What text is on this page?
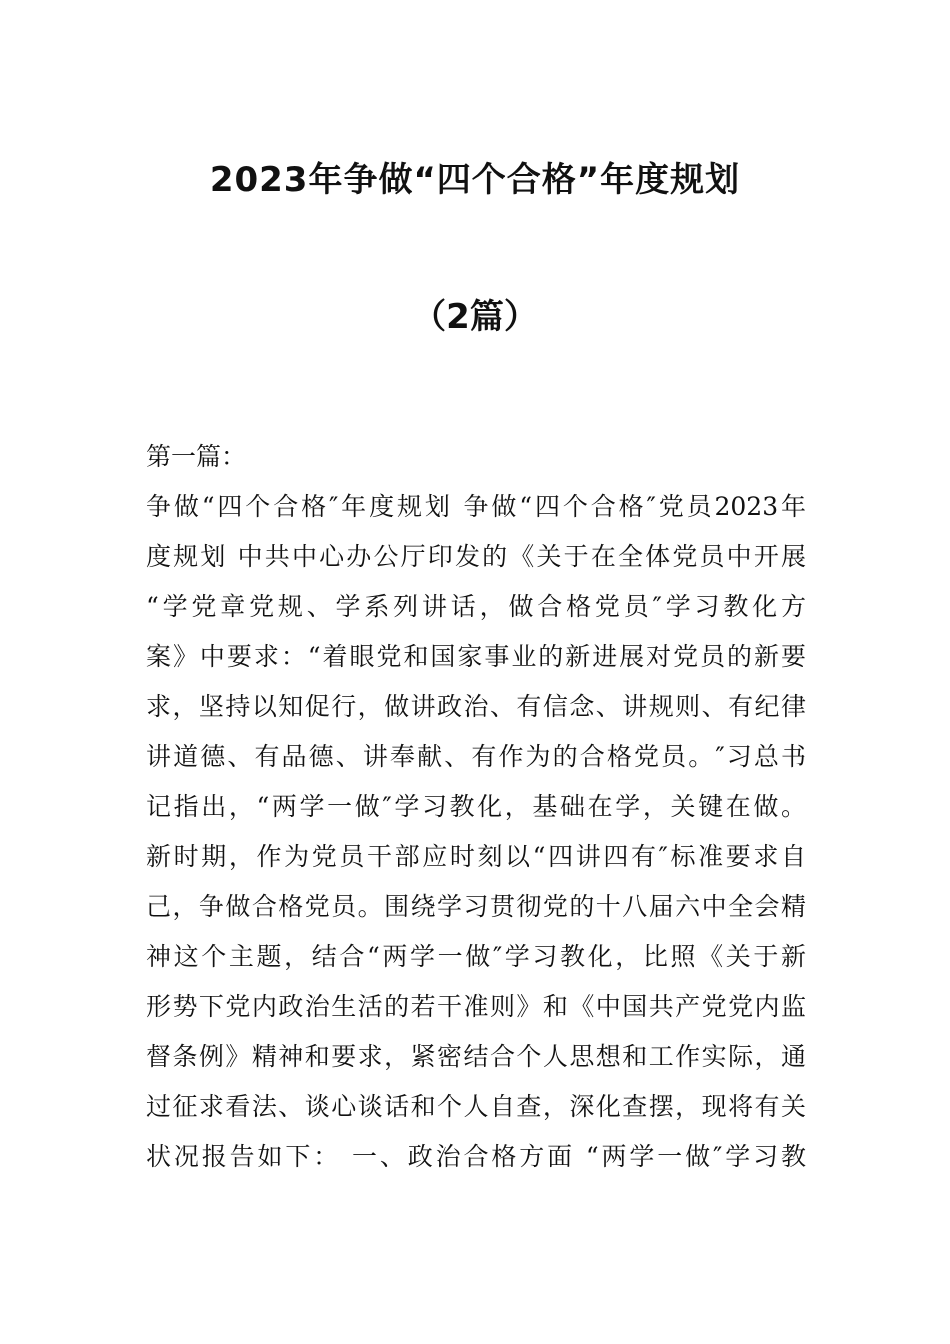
2023年争做“四个合格”年度规划
（2篇）
第一篇：
争做“四个合格″年度规划 争做“四个合格″党员2023年
度规划 中共中心办公厅印发的《关于在全体党员中开展
“学党章党规、学系列讲话，做合格党员″学习教化方
案》中要求：“着眼党和国家事业的新进展对党员的新要
求，坚持以知促行，做讲政治、有信念、讲规则、有纪律
讲道德、有品德、讲奉献、有作为的合格党员。″习总书
记指出，“两学一做″学习教化，基础在学，关键在做。
新时期，作为党员干部应时刻以“四讲四有″标准要求自
己，争做合格党员。围绕学习贯彻党的十八届六中全会精
神这个主题，结合“两学一做″学习教化，比照《关于新
形势下党内政治生活的若干准则》和《中国共产党党内监
督条例》精神和要求，紧密结合个人思想和工作实际，通
过征求看法、谈心谈话和个人自查，深化查摆，现将有关
状况报告如下： 一、政治合格方面 “两学一做″学习教
